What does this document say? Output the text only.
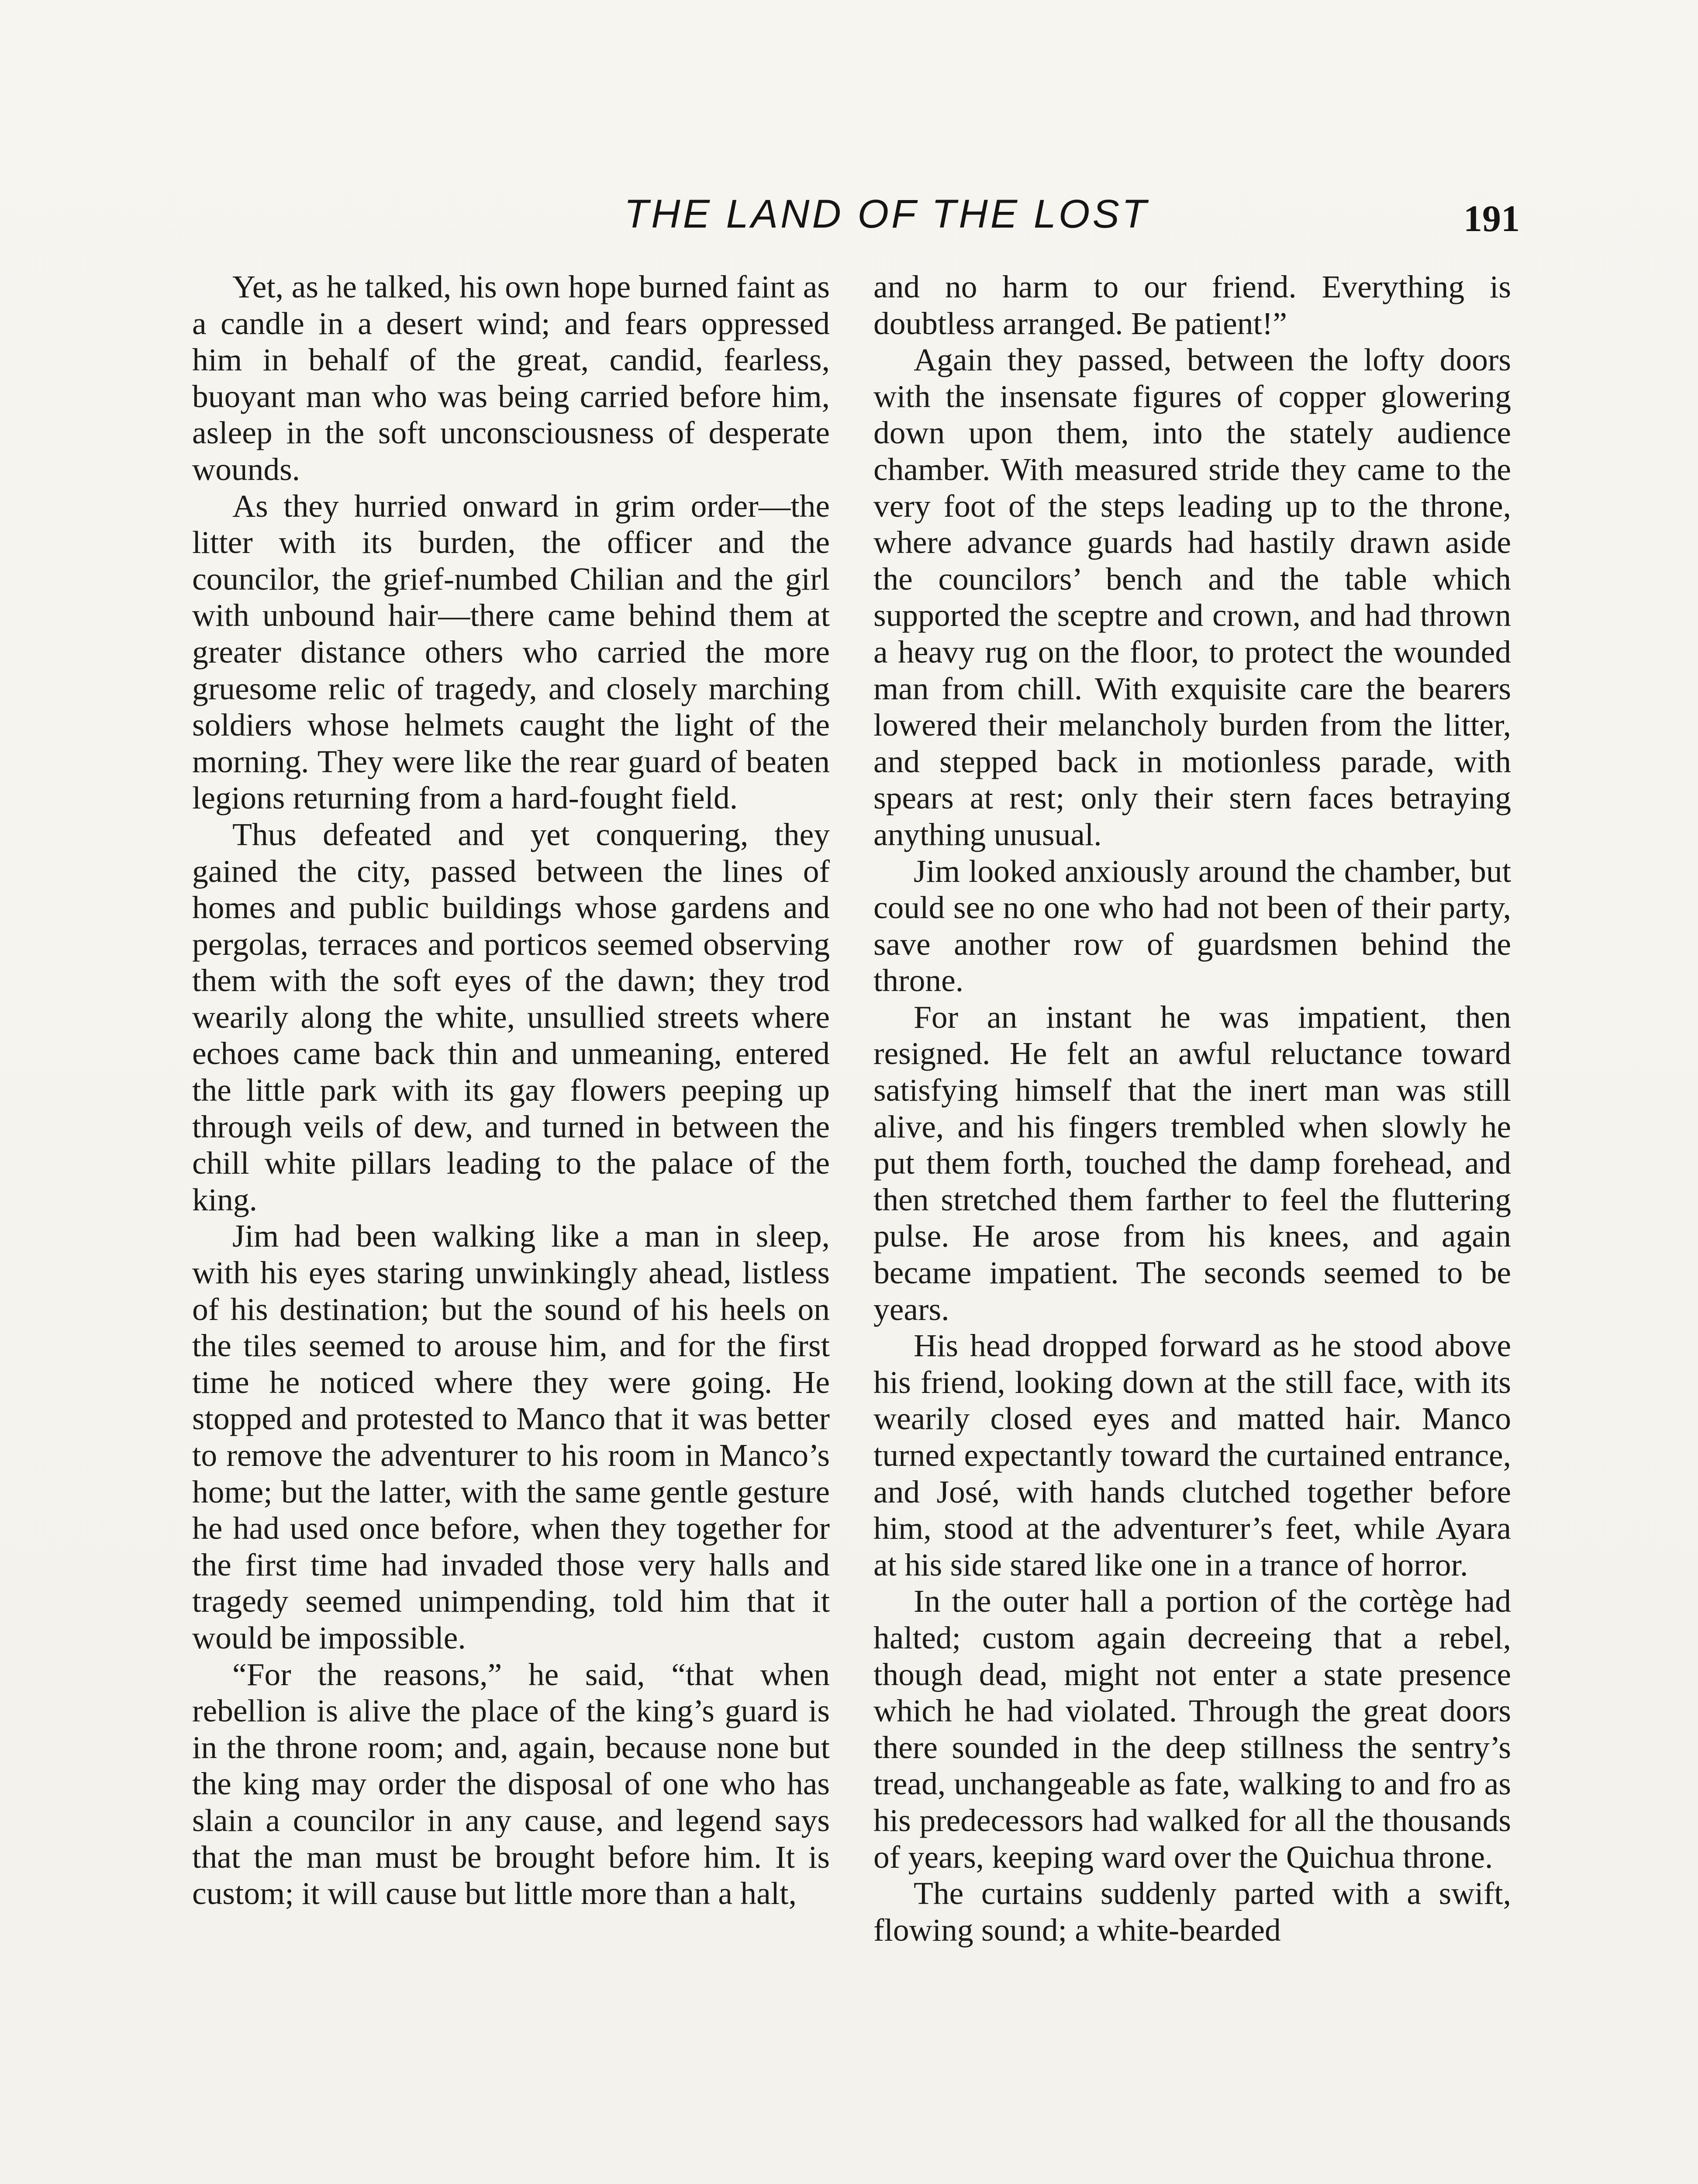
THE LAND OF THE LOST	191

Yet, as he talked, his own hope burned faint as a candle in a desert wind; and fears oppressed him in behalf of the great, candid, fearless, buoyant man who was being carried before him, asleep in the soft unconsciousness of desperate wounds.

As they hurried onward in grim order—the litter with its burden, the officer and the councilor, the grief-numbed Chilian and the girl with unbound hair—there came behind them at greater distance others who carried the more gruesome relic of tragedy, and closely marching soldiers whose helmets caught the light of the morning. They were like the rear guard of beaten legions returning from a hard-fought field.

Thus defeated and yet conquering, they gained the city, passed between the lines of homes and public buildings whose gardens and pergolas, terraces and porticos seemed observing them with the soft eyes of the dawn; they trod wearily along the white, unsullied streets where echoes came back thin and unmeaning, entered the little park with its gay flowers peeping up through veils of dew, and turned in between the chill white pillars leading to the palace of the king.

Jim had been walking like a man in sleep, with his eyes staring unwinkingly ahead, listless of his destination; but the sound of his heels on the tiles seemed to arouse him, and for the first time he noticed where they were going. He stopped and protested to Manco that it was better to remove the adventurer to his room in Manco’s home; but the latter, with the same gentle gesture he had used once before, when they together for the first time had invaded those very halls and tragedy seemed unimpending, told him that it would be impossible.

“For the reasons,” he said, “that when rebellion is alive the place of the king’s guard is in the throne room; and, again, because none but the king may order the disposal of one who has slain a councilor in any cause, and legend says that the man must be brought before him. It is custom; it will cause but little more than a halt,

and no harm to our friend. Everything is doubtless arranged. Be patient!”

Again they passed, between the lofty doors with the insensate figures of copper glowering down upon them, into the stately audience chamber. With measured stride they came to the very foot of the steps leading up to the throne, where advance guards had hastily drawn aside the councilors’ bench and the table which supported the sceptre and crown, and had thrown a heavy rug on the floor, to protect the wounded man from chill. With exquisite care the bearers lowered their melancholy burden from the litter, and stepped back in motionless parade, with spears at rest; only their stern faces betraying anything unusual.

Jim looked anxiously around the chamber, but could see no one who had not been of their party, save another row of guardsmen behind the throne.

For an instant he was impatient, then resigned. He felt an awful reluctance toward satisfying himself that the inert man was still alive, and his fingers trembled when slowly he put them forth, touched the damp forehead, and then stretched them farther to feel the fluttering pulse. He arose from his knees, and again became impatient. The seconds seemed to be years.

His head dropped forward as he stood above his friend, looking down at the still face, with its wearily closed eyes and matted hair. Manco turned expectantly toward the curtained entrance, and José, with hands clutched together before him, stood at the adventurer’s feet, while Ayara at his side stared like one in a trance of horror.

In the outer hall a portion of the cortège had halted; custom again decreeing that a rebel, though dead, might not enter a state presence which he had violated. Through the great doors there sounded in the deep stillness the sentry’s tread, unchangeable as fate, walking to and fro as his predecessors had walked for all the thousands of years, keeping ward over the Quichua throne.

The curtains suddenly parted with a swift, flowing sound; a white-bearded
